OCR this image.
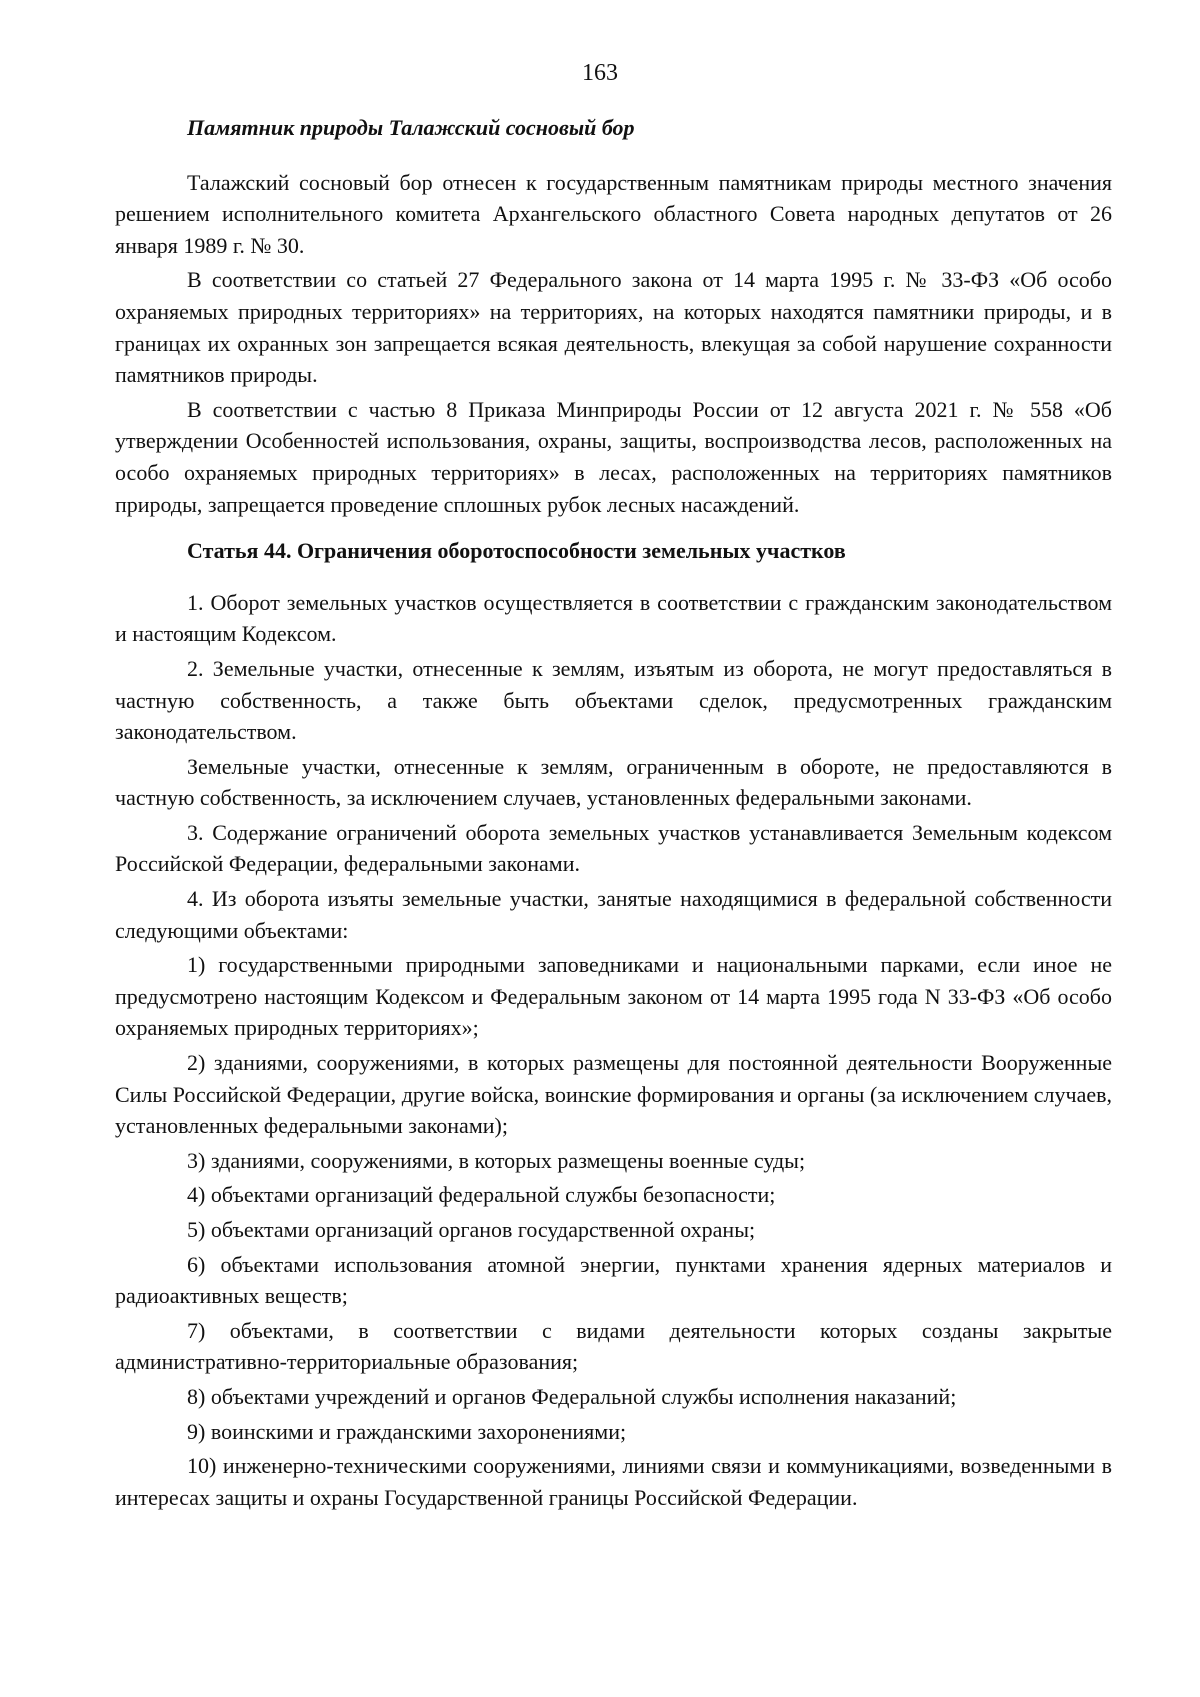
163
Памятник природы Талажский сосновый бор

Талажский сосновый бор отнесен к государственным памятникам природы местного значения решением исполнительного комитета Архангельского областного Совета народных депутатов от 26 января 1989 г. № 30.

В соответствии со статьей 27 Федерального закона от 14 марта 1995 г. № 33-ФЗ «Об особо охраняемых природных территориях» на территориях, на которых находятся памятники природы, и в границах их охранных зон запрещается всякая деятельность, влекущая за собой нарушение сохранности памятников природы.

В соответствии с частью 8 Приказа Минприроды России от 12 августа 2021 г. № 558 «Об утверждении Особенностей использования, охраны, защиты, воспроизводства лесов, расположенных на особо охраняемых природных территориях» в лесах, расположенных на территориях памятников природы, запрещается проведение сплошных рубок лесных насаждений.

Статья 44. Ограничения оборотоспособности земельных участков

1. Оборот земельных участков осуществляется в соответствии с гражданским законодательством и настоящим Кодексом.

2. Земельные участки, отнесенные к землям, изъятым из оборота, не могут предоставляться в частную собственность, а также быть объектами сделок, предусмотренных гражданским законодательством.

Земельные участки, отнесенные к землям, ограниченным в обороте, не предоставляются в частную собственность, за исключением случаев, установленных федеральными законами.

3. Содержание ограничений оборота земельных участков устанавливается Земельным кодексом Российской Федерации, федеральными законами.

4. Из оборота изъяты земельные участки, занятые находящимися в федеральной собственности следующими объектами:

1) государственными природными заповедниками и национальными парками, если иное не предусмотрено настоящим Кодексом и Федеральным законом от 14 марта 1995 года N 33-ФЗ «Об особо охраняемых природных территориях»;

2) зданиями, сооружениями, в которых размещены для постоянной деятельности Вооруженные Силы Российской Федерации, другие войска, воинские формирования и органы (за исключением случаев, установленных федеральными законами);

3) зданиями, сооружениями, в которых размещены военные суды;

4) объектами организаций федеральной службы безопасности;

5) объектами организаций органов государственной охраны;

6) объектами использования атомной энергии, пунктами хранения ядерных материалов и радиоактивных веществ;

7) объектами, в соответствии с видами деятельности которых созданы закрытые административно-территориальные образования;

8) объектами учреждений и органов Федеральной службы исполнения наказаний;

9) воинскими и гражданскими захоронениями;

10) инженерно-техническими сооружениями, линиями связи и коммуникациями, возведенными в интересах защиты и охраны Государственной границы Российской Федерации.
